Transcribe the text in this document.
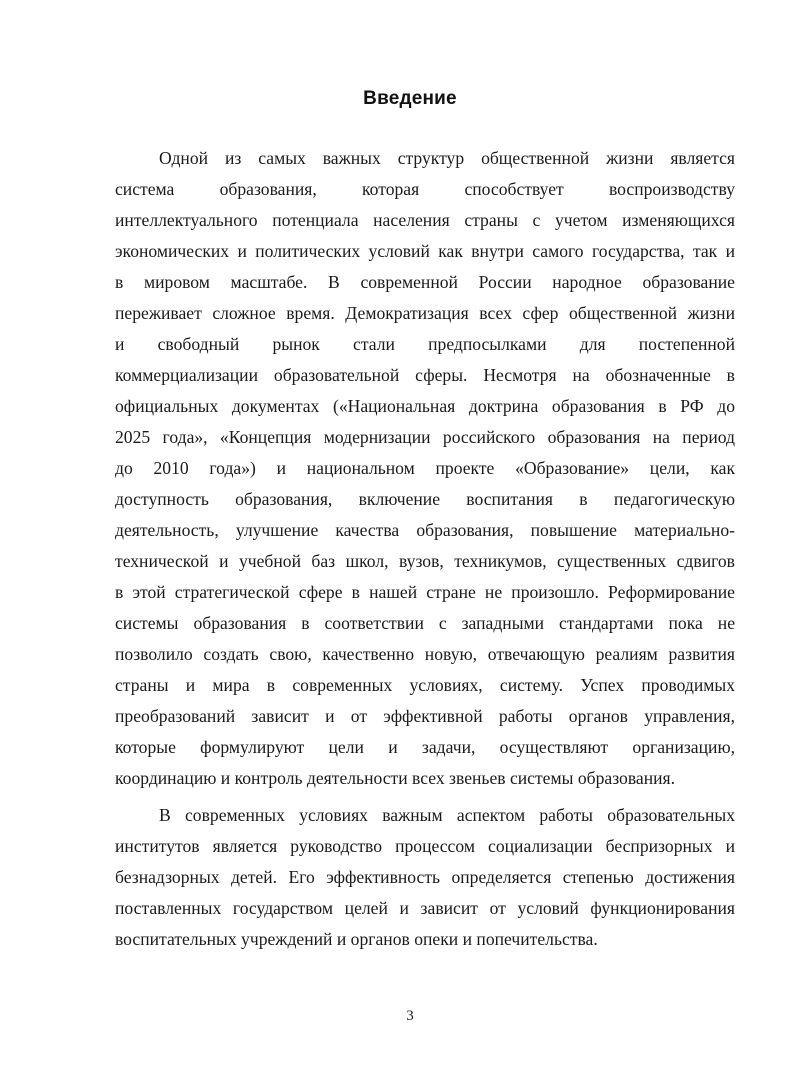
Введение
Одной из самых важных структур общественной жизни является
система образования, которая способствует воспроизводству
интеллектуального потенциала населения страны с учетом изменяющихся
экономических и политических условий как внутри самого государства, так и
в мировом масштабе. В современной России народное образование
переживает сложное время. Демократизация всех сфер общественной жизни
и свободный рынок стали предпосылками для постепенной
коммерциализации образовательной сферы. Несмотря на обозначенные в
официальных документах («Национальная доктрина образования в РФ до
2025 года», «Концепция модернизации российского образования на период
до 2010 года») и национальном проекте «Образование» цели, как
доступность образования, включение воспитания в педагогическую
деятельность, улучшение качества образования, повышение материально-
технической и учебной баз школ, вузов, техникумов, существенных сдвигов
в этой стратегической сфере в нашей стране не произошло. Реформирование
системы образования в соответствии с западными стандартами пока не
позволило создать свою, качественно новую, отвечающую реалиям развития
страны и мира в современных условиях, систему. Успех проводимых
преобразований зависит и от эффективной работы органов управления,
которые формулируют цели и задачи, осуществляют организацию,
координацию и контроль деятельности всех звеньев системы образования.
В современных условиях важным аспектом работы образовательных
институтов является руководство процессом социализации беспризорных и
безнадзорных детей. Его эффективность определяется степенью достижения
поставленных государством целей и зависит от условий функционирования
воспитательных учреждений и органов опеки и попечительства.
3
